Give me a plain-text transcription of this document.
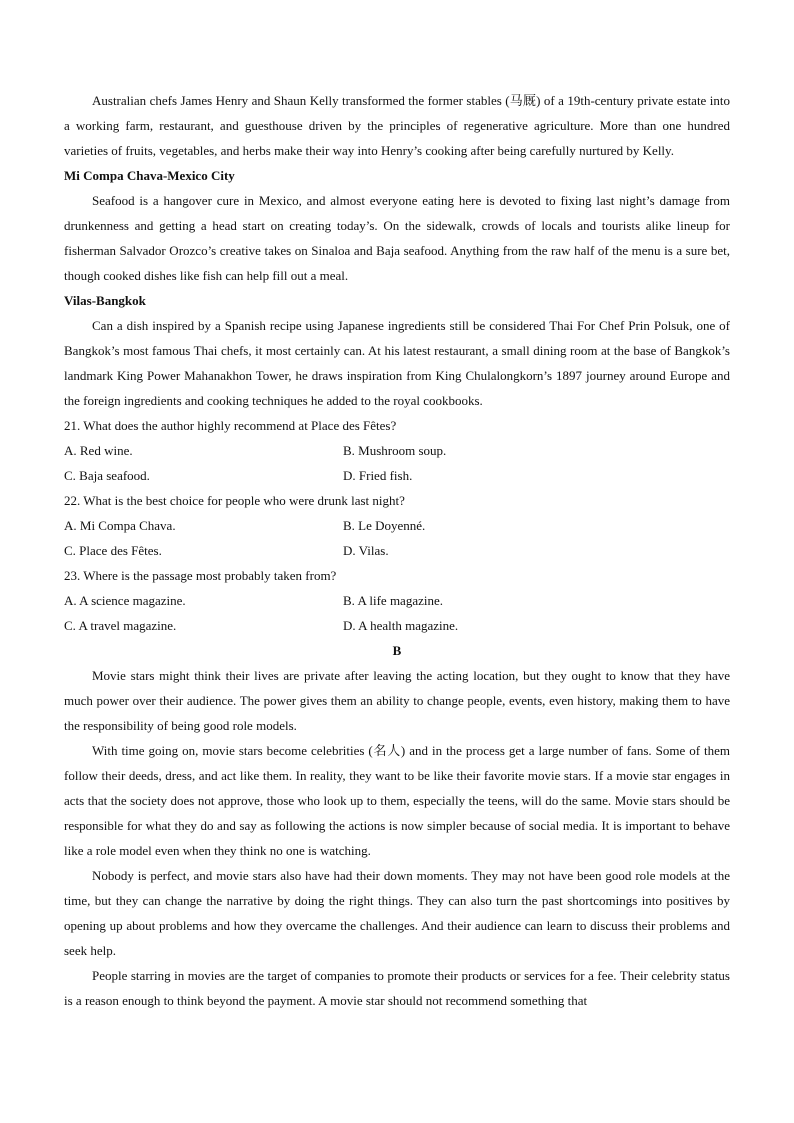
Australian chefs James Henry and Shaun Kelly transformed the former stables (马厩) of a 19th-century private estate into a working farm, restaurant, and guesthouse driven by the principles of regenerative agriculture. More than one hundred varieties of fruits, vegetables, and herbs make their way into Henry’s cooking after being carefully nurtured by Kelly.

Mi Compa Chava-Mexico City

Seafood is a hangover cure in Mexico, and almost everyone eating here is devoted to fixing last night’s damage from drunkenness and getting a head start on creating today’s. On the sidewalk, crowds of locals and tourists alike lineup for fisherman Salvador Orozco’s creative takes on Sinaloa and Baja seafood. Anything from the raw half of the menu is a sure bet, though cooked dishes like fish can help fill out a meal.

Vilas-Bangkok

Can a dish inspired by a Spanish recipe using Japanese ingredients still be considered Thai For Chef Prin Polsuk, one of Bangkok’s most famous Thai chefs, it most certainly can. At his latest restaurant, a small dining room at the base of Bangkok’s landmark King Power Mahanakhon Tower, he draws inspiration from King Chulalongkorn’s 1897 journey around Europe and the foreign ingredients and cooking techniques he added to the royal cookbooks.

21. What does the author highly recommend at Place des Fêtes?
A. Red wine.	B. Mushroom soup.
C. Baja seafood.	D. Fried fish.
22. What is the best choice for people who were drunk last night?
A. Mi Compa Chava.	B. Le Doyenné.
C. Place des Fêtes.	D. Vilas.
23. Where is the passage most probably taken from?
A. A science magazine.	B. A life magazine.
C. A travel magazine.	D. A health magazine.
B

Movie stars might think their lives are private after leaving the acting location, but they ought to know that they have much power over their audience. The power gives them an ability to change people, events, even history, making them to have the responsibility of being good role models.

With time going on, movie stars become celebrities (名人) and in the process get a large number of fans. Some of them follow their deeds, dress, and act like them. In reality, they want to be like their favorite movie stars. If a movie star engages in acts that the society does not approve, those who look up to them, especially the teens, will do the same. Movie stars should be responsible for what they do and say as following the actions is now simpler because of social media. It is important to behave like a role model even when they think no one is watching.

Nobody is perfect, and movie stars also have had their down moments. They may not have been good role models at the time, but they can change the narrative by doing the right things. They can also turn the past shortcomings into positives by opening up about problems and how they overcame the challenges. And their audience can learn to discuss their problems and seek help.

People starring in movies are the target of companies to promote their products or services for a fee. Their celebrity status is a reason enough to think beyond the payment. A movie star should not recommend something that
